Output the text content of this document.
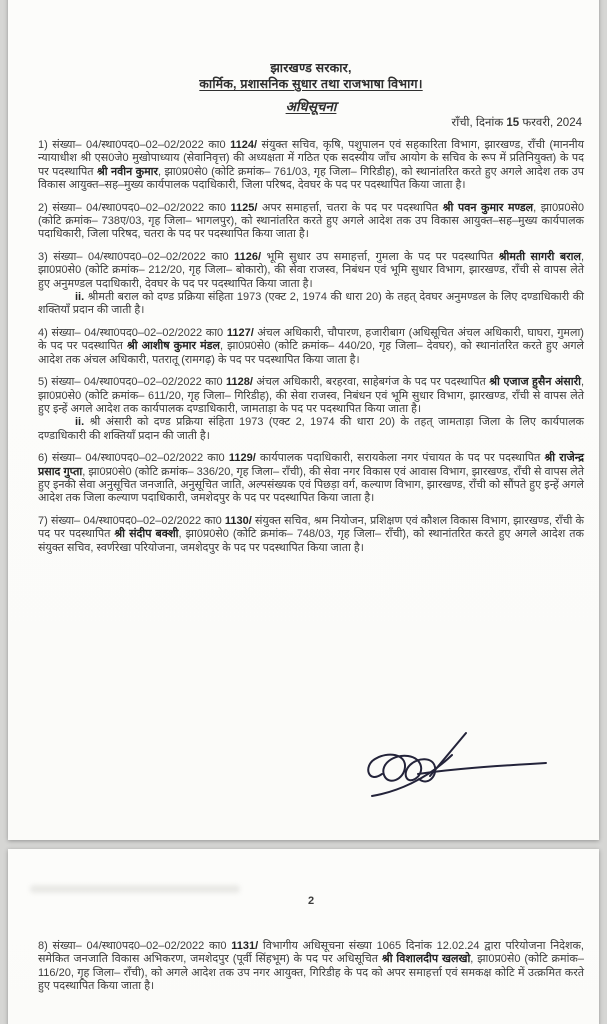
झारखण्ड सरकार,
कार्मिक, प्रशासनिक सुधार तथा राजभाषा विभाग।
अधिसूचना
राँची, दिनांक 15 फरवरी, 2024

1) संख्या– 04/स्था0पद0–02–02/2022 का0 1124/ संयुक्त सचिव, कृषि, पशुपालन एवं सहकारिता विभाग, झारखण्ड, राँची (माननीय न्यायाधीश श्री एस0जे0 मुखोपाध्याय (सेवानिवृत्त) की अध्यक्षता में गठित एक सदस्यीय जाँच आयोग के सचिव के रूप में प्रतिनियुक्त) के पद पर पदस्थापित श्री नवीन कुमार, झा0प्र0से0 (कोटि क्रमांक– 761/03, गृह जिला– गिरिडीह), को स्थानांतरित करते हुए अगले आदेश तक उप विकास आयुक्त–सह–मुख्य कार्यपालक पदाधिकारी, जिला परिषद, देवघर के पद पर पदस्थापित किया जाता है।

2) संख्या– 04/स्था0पद0–02–02/2022 का0 1125/ अपर समाहर्त्ता, चतरा के पद पर पदस्थापित श्री पवन कुमार मण्डल, झा0प्र0से0 (कोटि क्रमांक– 738ए/03, गृह जिला– भागलपुर), को स्थानांतरित करते हुए अगले आदेश तक उप विकास आयुक्त–सह–मुख्य कार्यपालक पदाधिकारी, जिला परिषद, चतरा के पद पर पदस्थापित किया जाता है।

3) संख्या– 04/स्था0पद0–02–02/2022 का0 1126/ भूमि सुधार उप समाहर्त्ता, गुमला के पद पर पदस्थापित श्रीमती सागरी बराल, झा0प्र0से0 (कोटि क्रमांक– 212/20, गृह जिला– बोकारो), की सेवा राजस्व, निबंधन एवं भूमि सुधार विभाग, झारखण्ड, राँची से वापस लेते हुए अनुमण्डल पदाधिकारी, देवघर के पद पर पदस्थापित किया जाता है।

ii. श्रीमती बराल को दण्ड प्रक्रिया संहिता 1973 (एक्ट 2, 1974 की धारा 20) के तहत् देवघर अनुमण्डल के लिए दण्डाधिकारी की शक्तियाँ प्रदान की जाती है।

4) संख्या– 04/स्था0पद0–02–02/2022 का0 1127/ अंचल अधिकारी, चौपारण, हजारीबाग (अधिसूचित अंचल अधिकारी, घाघरा, गुमला) के पद पर पदस्थापित श्री आशीष कुमार मंडल, झा0प्र0से0 (कोटि क्रमांक– 440/20, गृह जिला– देवघर), को स्थानांतरित करते हुए अगले आदेश तक अंचल अधिकारी, पतरातू (रामगढ़) के पद पर पदस्थापित किया जाता है।

5) संख्या– 04/स्था0पद0–02–02/2022 का0 1128/ अंचल अधिकारी, बरहरवा, साहेबगंज के पद पर पदस्थापित श्री एजाज हुसैन अंसारी, झा0प्र0से0 (कोटि क्रमांक– 611/20, गृह जिला– गिरिडीह), की सेवा राजस्व, निबंधन एवं भूमि सुधार विभाग, झारखण्ड, राँची से वापस लेते हुए इन्हें अगले आदेश तक कार्यपालक दण्डाधिकारी, जामताड़ा के पद पर पदस्थापित किया जाता है।

ii. श्री अंसारी को दण्ड प्रक्रिया संहिता 1973 (एक्ट 2, 1974 की धारा 20) के तहत् जामताड़ा जिला के लिए कार्यपालक दण्डाधिकारी की शक्तियाँ प्रदान की जाती है।

6) संख्या– 04/स्था0पद0–02–02/2022 का0 1129/ कार्यपालक पदाधिकारी, सरायकेला नगर पंचायत के पद पर पदस्थापित श्री राजेन्द्र प्रसाद गुप्ता, झा0प्र0से0 (कोटि क्रमांक– 336/20, गृह जिला– राँची), की सेवा नगर विकास एवं आवास विभाग, झारखण्ड, राँची से वापस लेते हुए इनकी सेवा अनुसूचित जनजाति, अनुसूचित जाति, अल्पसंख्यक एवं पिछड़ा वर्ग, कल्याण विभाग, झारखण्ड, राँची को सौंपते हुए इन्हें अगले आदेश तक जिला कल्याण पदाधिकारी, जमशेदपुर के पद पर पदस्थापित किया जाता है।

7) संख्या– 04/स्था0पद0–02–02/2022 का0 1130/ संयुक्त सचिव, श्रम नियोजन, प्रशिक्षण एवं कौशल विकास विभाग, झारखण्ड, राँची के पद पर पदस्थापित श्री संदीप बक्शी, झा0प्र0से0 (कोटि क्रमांक– 748/03, गृह जिला– राँची), को स्थानांतरित करते हुए अगले आदेश तक संयुक्त सचिव, स्वर्णरेखा परियोजना, जमशेदपुर के पद पर पदस्थापित किया जाता है।

2

8) संख्या– 04/स्था0पद0–02–02/2022 का0 1131/ विभागीय अधिसूचना संख्या 1065 दिनांक 12.02.24 द्वारा परियोजना निदेशक, समेकित जनजाति विकास अभिकरण, जमशेदपुर (पूर्वी सिंहभूम) के पद पर अधिसूचित श्री विशालदीप खलखो, झा0प्र0से0 (कोटि क्रमांक– 116/20, गृह जिला– राँची), को अगले आदेश तक उप नगर आयुक्त, गिरिडीह के पद को अपर समाहर्त्ता एवं समकक्ष कोटि में उत्क्रमित करते हुए पदस्थापित किया जाता है।
